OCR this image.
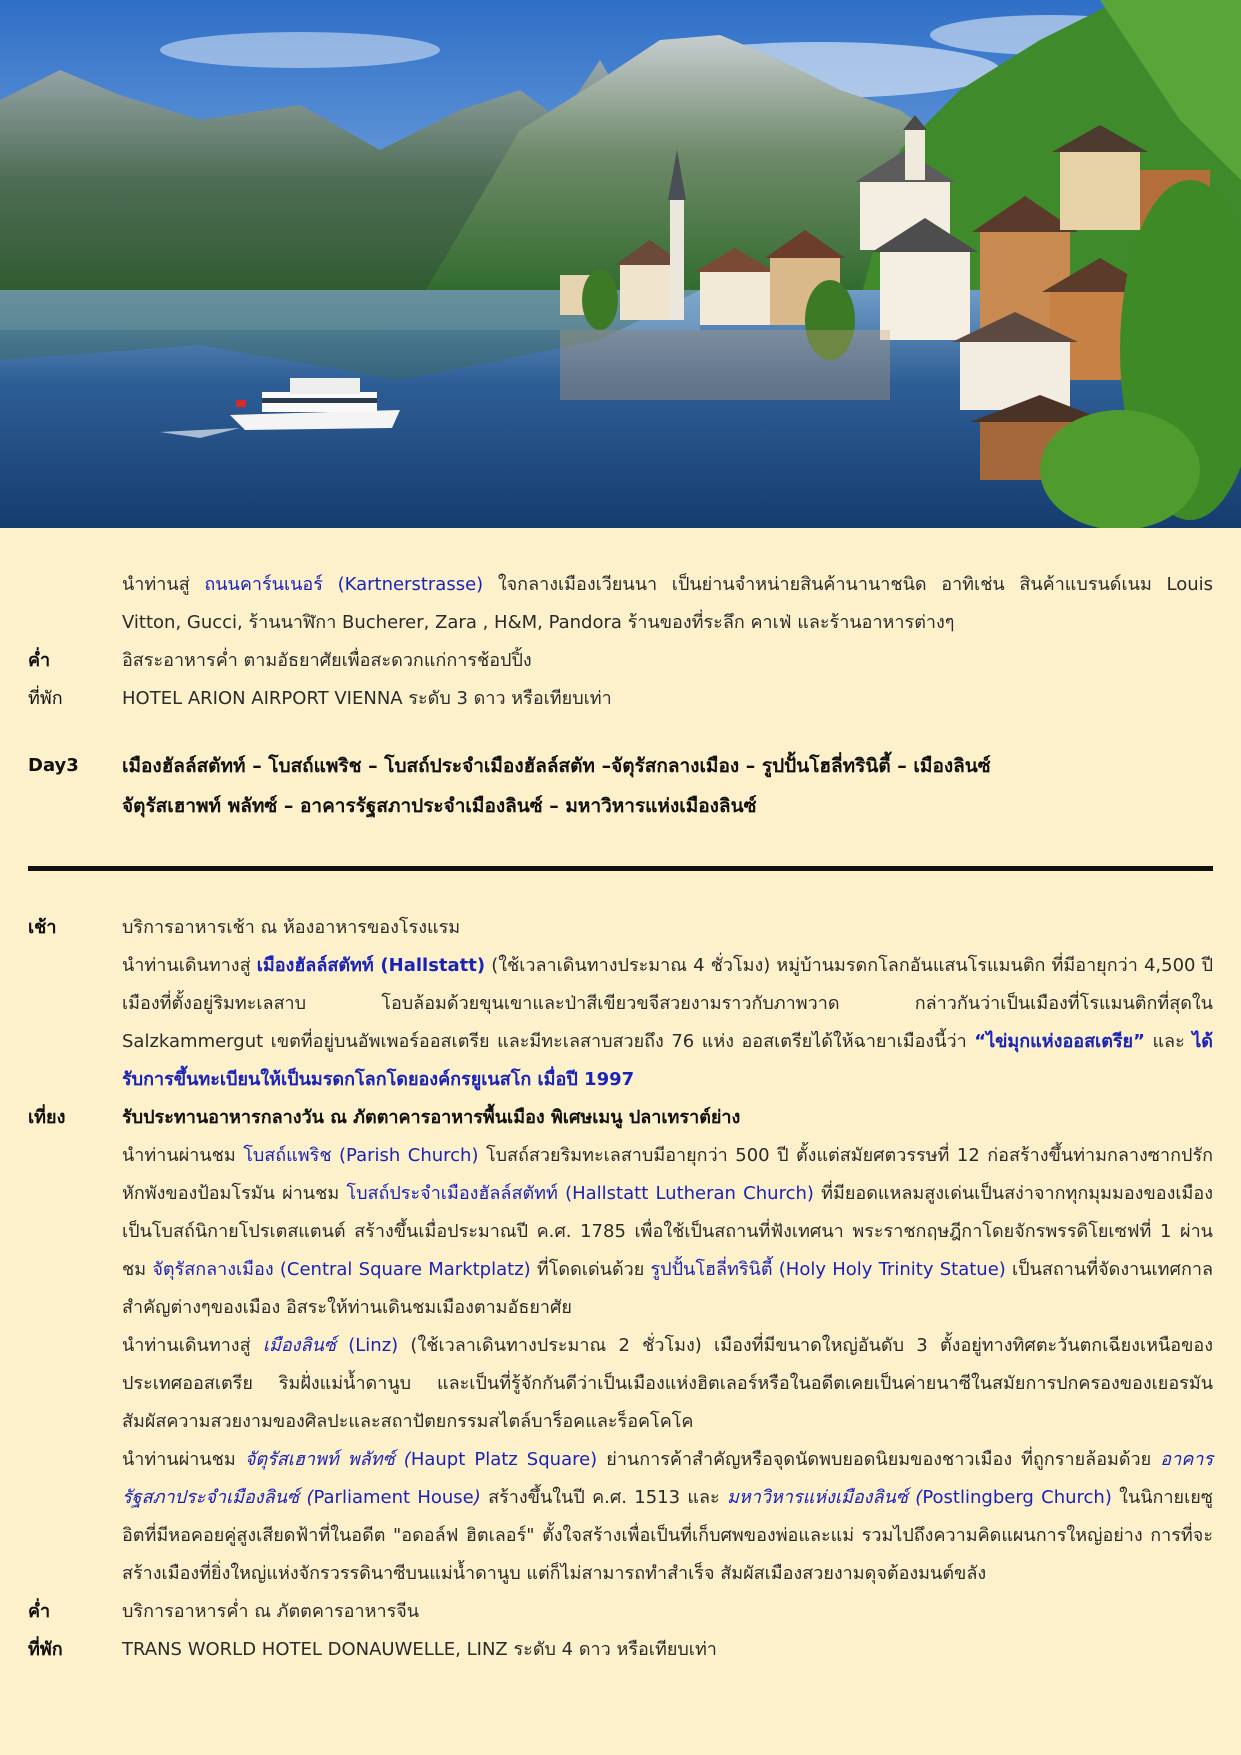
นำท่านสู่ ถนนคาร์นเนอร์ (Kartnerstrasse) ใจกลางเมืองเวียนนา เป็นย่านจำหน่ายสินค้านานาชนิด อาทิเช่น สินค้าแบรนด์เนม Louis Vitton, Gucci, ร้านนาฬิกา Bucherer, Zara , H&M, Pandora ร้านของที่ระลึก คาเฟ่ และร้านอาหารต่างๆ
ค่ำ	อิสระอาหารค่ำ ตามอัธยาศัยเพื่อสะดวกแก่การช้อปปิ้ง
ที่พัก	HOTEL ARION AIRPORT VIENNA ระดับ 3 ดาว หรือเทียบเท่า
Day3	เมืองฮัลล์สตัทท์ – โบสถ์แพริช – โบสถ์ประจำเมืองฮัลล์สตัท –จัตุรัสกลางเมือง – รูปปั้นโฮลี่ทรินิตี้ – เมืองลินซ์
จัตุรัสเฮาพท์ พลัทซ์ – อาคารรัฐสภาประจำเมืองลินซ์ – มหาวิหารแห่งเมืองลินซ์
เช้า	บริการอาหารเช้า ณ ห้องอาหารของโรงแรม
นำท่านเดินทางสู่ เมืองฮัลล์สตัทท์ (Hallstatt) (ใช้เวลาเดินทางประมาณ 4 ชั่วโมง) หมู่บ้านมรดกโลกอันแสนโรแมนติก ที่มีอายุกว่า 4,500 ปี เมืองที่ตั้งอยู่ริมทะเลสาบ โอบล้อมด้วยขุนเขาและป่าสีเขียวขจีสวยงามราวกับภาพวาด กล่าวกันว่าเป็นเมืองที่โรแมนติกที่สุดใน Salzkammergut เขตที่อยู่บนอัพเพอร์ออสเตรีย และมีทะเลสาบสวยถึง 76 แห่ง ออสเตรียได้ให้ฉายาเมืองนี้ว่า “ไข่มุกแห่งออสเตรีย” และ ได้รับการขึ้นทะเบียนให้เป็นมรดกโลกโดยองค์กรยูเนสโก เมื่อปี 1997
เที่ยง	รับประทานอาหารกลางวัน ณ ภัตตาคารอาหารพื้นเมือง พิเศษเมนู ปลาเทราต์ย่าง
นำท่านผ่านชม โบสถ์แพริช (Parish Church) โบสถ์สวยริมทะเลสาบมีอายุกว่า 500 ปี ตั้งแต่สมัยศตวรรษที่ 12 ก่อสร้างขึ้นท่ามกลางซากปรักหักพังของป้อมโรมัน ผ่านชม โบสถ์ประจำเมืองฮัลล์สตัทท์ (Hallstatt Lutheran Church) ที่มียอดแหลมสูงเด่นเป็นสง่าจากทุกมุมมองของเมือง เป็นโบสถ์นิกายโปรเตสแตนต์ สร้างขึ้นเมื่อประมาณปี ค.ศ. 1785 เพื่อใช้เป็นสถานที่ฟังเทศนา พระราชกฤษฎีกาโดยจักรพรรดิโยเซฟที่ 1 ผ่านชม จัตุรัสกลางเมือง (Central Square Marktplatz) ที่โดดเด่นด้วย รูปปั้นโฮลี่ทรินิตี้ (Holy Holy Trinity Statue) เป็นสถานที่จัดงานเทศกาลสำคัญต่างๆของเมือง อิสระให้ท่านเดินชมเมืองตามอัธยาศัย
นำท่านเดินทางสู่ เมืองลินซ์ (Linz) (ใช้เวลาเดินทางประมาณ 2 ชั่วโมง) เมืองที่มีขนาดใหญ่อันดับ 3 ตั้งอยู่ทางทิศตะวันตกเฉียงเหนือของประเทศออสเตรีย ริมฝั่งแม่น้ำดานูบ และเป็นที่รู้จักกันดีว่าเป็นเมืองแห่งฮิตเลอร์หรือในอดีตเคยเป็นค่ายนาซีในสมัยการปกครองของเยอรมัน สัมผัสความสวยงามของศิลปะและสถาปัตยกรรมสไตล์บาร็อคและร็อคโคโค
นำท่านผ่านชม จัตุรัสเฮาพท์ พลัทซ์ (Haupt Platz Square) ย่านการค้าสำคัญหรือจุดนัดพบยอดนิยมของชาวเมือง ที่ถูกรายล้อมด้วย อาคารรัฐสภาประจำเมืองลินซ์ (Parliament House) สร้างขึ้นในปี ค.ศ. 1513 และ มหาวิหารแห่งเมืองลินซ์ (Postlingberg Church) ในนิกายเยซูอิตที่มีหอคอยคู่สูงเสียดฟ้าที่ในอดีต "อดอล์ฟ ฮิตเลอร์" ตั้งใจสร้างเพื่อเป็นที่เก็บศพของพ่อและแม่ รวมไปถึงความคิดแผนการใหญ่อย่าง การที่จะสร้างเมืองที่ยิ่งใหญ่แห่งจักรวรรดินาซีบนแม่น้ำดานูบ แต่ก็ไม่สามารถทำสำเร็จ สัมผัสเมืองสวยงามดุจต้องมนต์ขลัง
ค่ำ	บริการอาหารค่ำ ณ ภัตตคารอาหารจีน
ที่พัก	TRANS WORLD HOTEL DONAUWELLE, LINZ ระดับ 4 ดาว หรือเทียบเท่า
